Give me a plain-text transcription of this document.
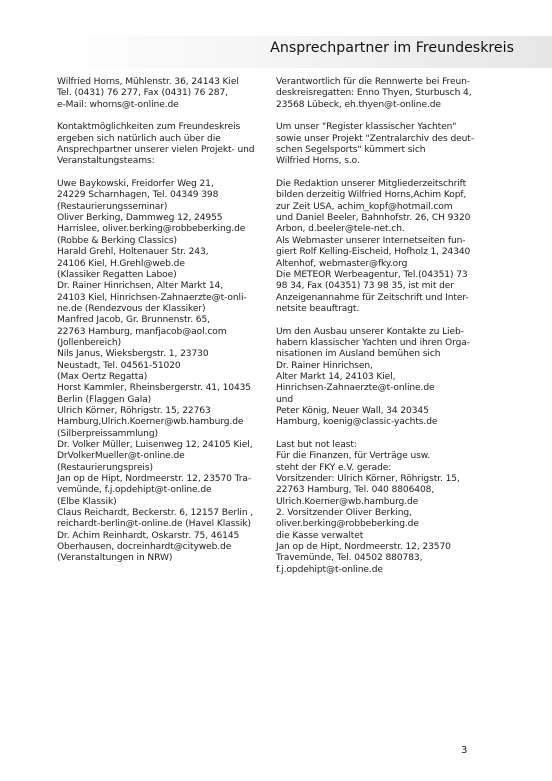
Ansprechpartner im Freundeskreis
Wilfried Horns, Mühlenstr. 36, 24143 Kiel
Tel. (0431) 76 277, Fax (0431) 76 287,
e-Mail: whorns@t-online.de
Kontaktmöglichkeiten zum Freundeskreis
ergeben sich natürlich auch über die
Ansprechpartner unserer vielen Projekt- und
Veranstaltungsteams:
Uwe Baykowski, Freidorfer Weg 21,
24229 Scharnhagen, Tel. 04349 398
(Restaurierungsseminar)
Oliver Berking, Dammweg 12, 24955
Harrislee, oliver.berking@robbeberking.de
(Robbe & Berking Classics)
Harald Grehl, Holtenauer Str. 243,
24106 Kiel, H.Grehl@web.de
(Klassiker Regatten Laboe)
Dr. Rainer Hinrichsen, Alter Markt 14,
24103 Kiel, Hinrichsen-Zahnaerzte@t-onli-
ne.de (Rendezvous der Klassiker)
Manfred Jacob, Gr. Brunnenstr. 65,
22763 Hamburg, manfjacob@aol.com
(Jollenbereich)
Nils Janus, Wieksbergstr. 1, 23730
Neustadt, Tel. 04561-51020
(Max Oertz Regatta)
Horst Kammler, Rheinsbergerstr. 41, 10435
Berlin (Flaggen Gala)
Ulrich Körner, Röhrigstr. 15, 22763
Hamburg,Ulrich.Koerner@wb.hamburg.de
(Silberpreissammlung)
Dr. Volker Müller, Luisenweg 12, 24105 Kiel,
DrVolkerMueller@t-online.de
(Restaurierungspreis)
Jan op de Hipt, Nordmeerstr. 12, 23570 Tra-
vemünde, f.j.opdehipt@t-online.de
(Elbe Klassik)
Claus Reichardt, Beckerstr. 6, 12157 Berlin ,
reichardt-berlin@t-online.de (Havel Klassik)
Dr. Achim Reinhardt, Oskarstr. 75, 46145
Oberhausen, docreinhardt@cityweb.de
(Veranstaltungen in NRW)
Verantwortlich für die Rennwerte bei Freun-
deskreisregatten: Enno Thyen, Sturbusch 4,
23568 Lübeck, eh.thyen@t-online.de
Um unser "Register klassischer Yachten"
sowie unser Projekt "Zentralarchiv des deut-
schen Segelsports" kümmert sich
Wilfried Horns, s.o.
Die Redaktion unserer Mitgliederzeitschrift
bilden derzeitig Wilfried Horns,Achim Kopf,
zur Zeit USA, achim_kopf@hotmail.com
und Daniel Beeler, Bahnhofstr. 26, CH 9320
Arbon, d.beeler@tele-net.ch.
Als Webmaster unserer Internetseiten fun-
giert Rolf Kelling-Eischeid, Hofholz 1, 24340
Altenhof, webmaster@fky.org
Die METEOR Werbeagentur, Tel.(04351) 73
98 34, Fax (04351) 73 98 35, ist mit der
Anzeigenannahme für Zeitschrift und Inter-
netsite beauftragt.
Um den Ausbau unserer Kontakte zu Lieb-
habern klassischer Yachten und ihren Orga-
nisationen im Ausland bemühen sich
Dr. Rainer Hinrichsen,
Alter Markt 14, 24103 Kiel,
Hinrichsen-Zahnaerzte@t-online.de
und
Peter König, Neuer Wall, 34 20345
Hamburg, koenig@classic-yachts.de
Last but not least:
Für die Finanzen, für Verträge usw.
steht der FKY e.V. gerade:
Vorsitzender: Ulrich Körner, Röhrigstr. 15,
22763 Hamburg, Tel. 040 8806408,
Ulrich.Koerner@wb.hamburg.de
2. Vorsitzender Oliver Berking,
oliver.berking@robbeberking.de
die Kasse verwaltet
Jan op de Hipt, Nordmeerstr. 12, 23570
Travemünde, Tel. 04502 880783,
f.j.opdehipt@t-online.de
3
